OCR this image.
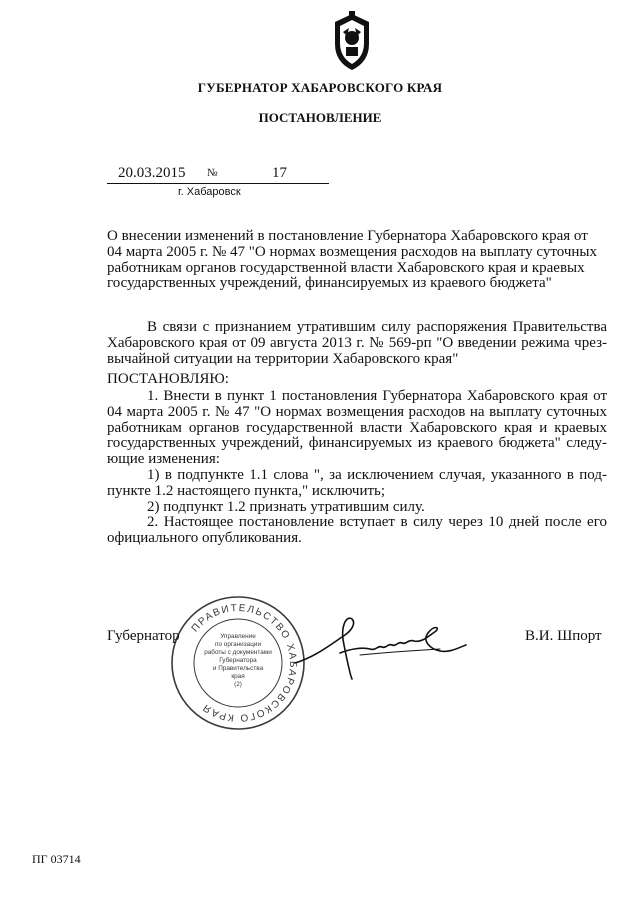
ГУБЕРНАТОР ХАБАРОВСКОГО КРАЯ
ПОСТАНОВЛЕНИЕ
20.03.2015 №	17
г. Хабаровск

О внесении изменений в постановление Губернатора Хабаровского края от

04 марта 2005 г. № 47 "О нормах возмещения расходов на выплату суточных

работникам органов государственной власти Хабаровского края и краевых

государственных учреждений, финансируемых из краевого бюджета"

В связи с признанием утратившим силу распоряжения Правительства Хабаровского края от 09 августа 2013 г. № 569-рп "О введении режима чрез-вычайной ситуации на территории Хабаровского края"

ПОСТАНОВЛЯЮ:

1. Внести в пункт 1 постановления Губернатора Хабаровского края от 04 марта 2005 г. № 47 "О нормах возмещения расходов на выплату суточных работникам органов государственной власти Хабаровского края и краевых государственных учреждений, финансируемых из краевого бюджета" следу-ющие изменения:

1) в подпункте 1.1 слова ", за исключением случая, указанного в под-пункте 1.2 настоящего пункта," исключить;

2) подпункт 1.2 признать утратившим силу.

2. Настоящее постановление вступает в силу через 10 дней после его официального опубликования.

ПРАВИТЕЛЬСТВО ХАБАРОВСКОГО КРАЯ
Управление
по организации
работы с документами
Губернатора
и Правительства
края
(2)
Губернатор	В.И. Шпорт
ПГ 03714
